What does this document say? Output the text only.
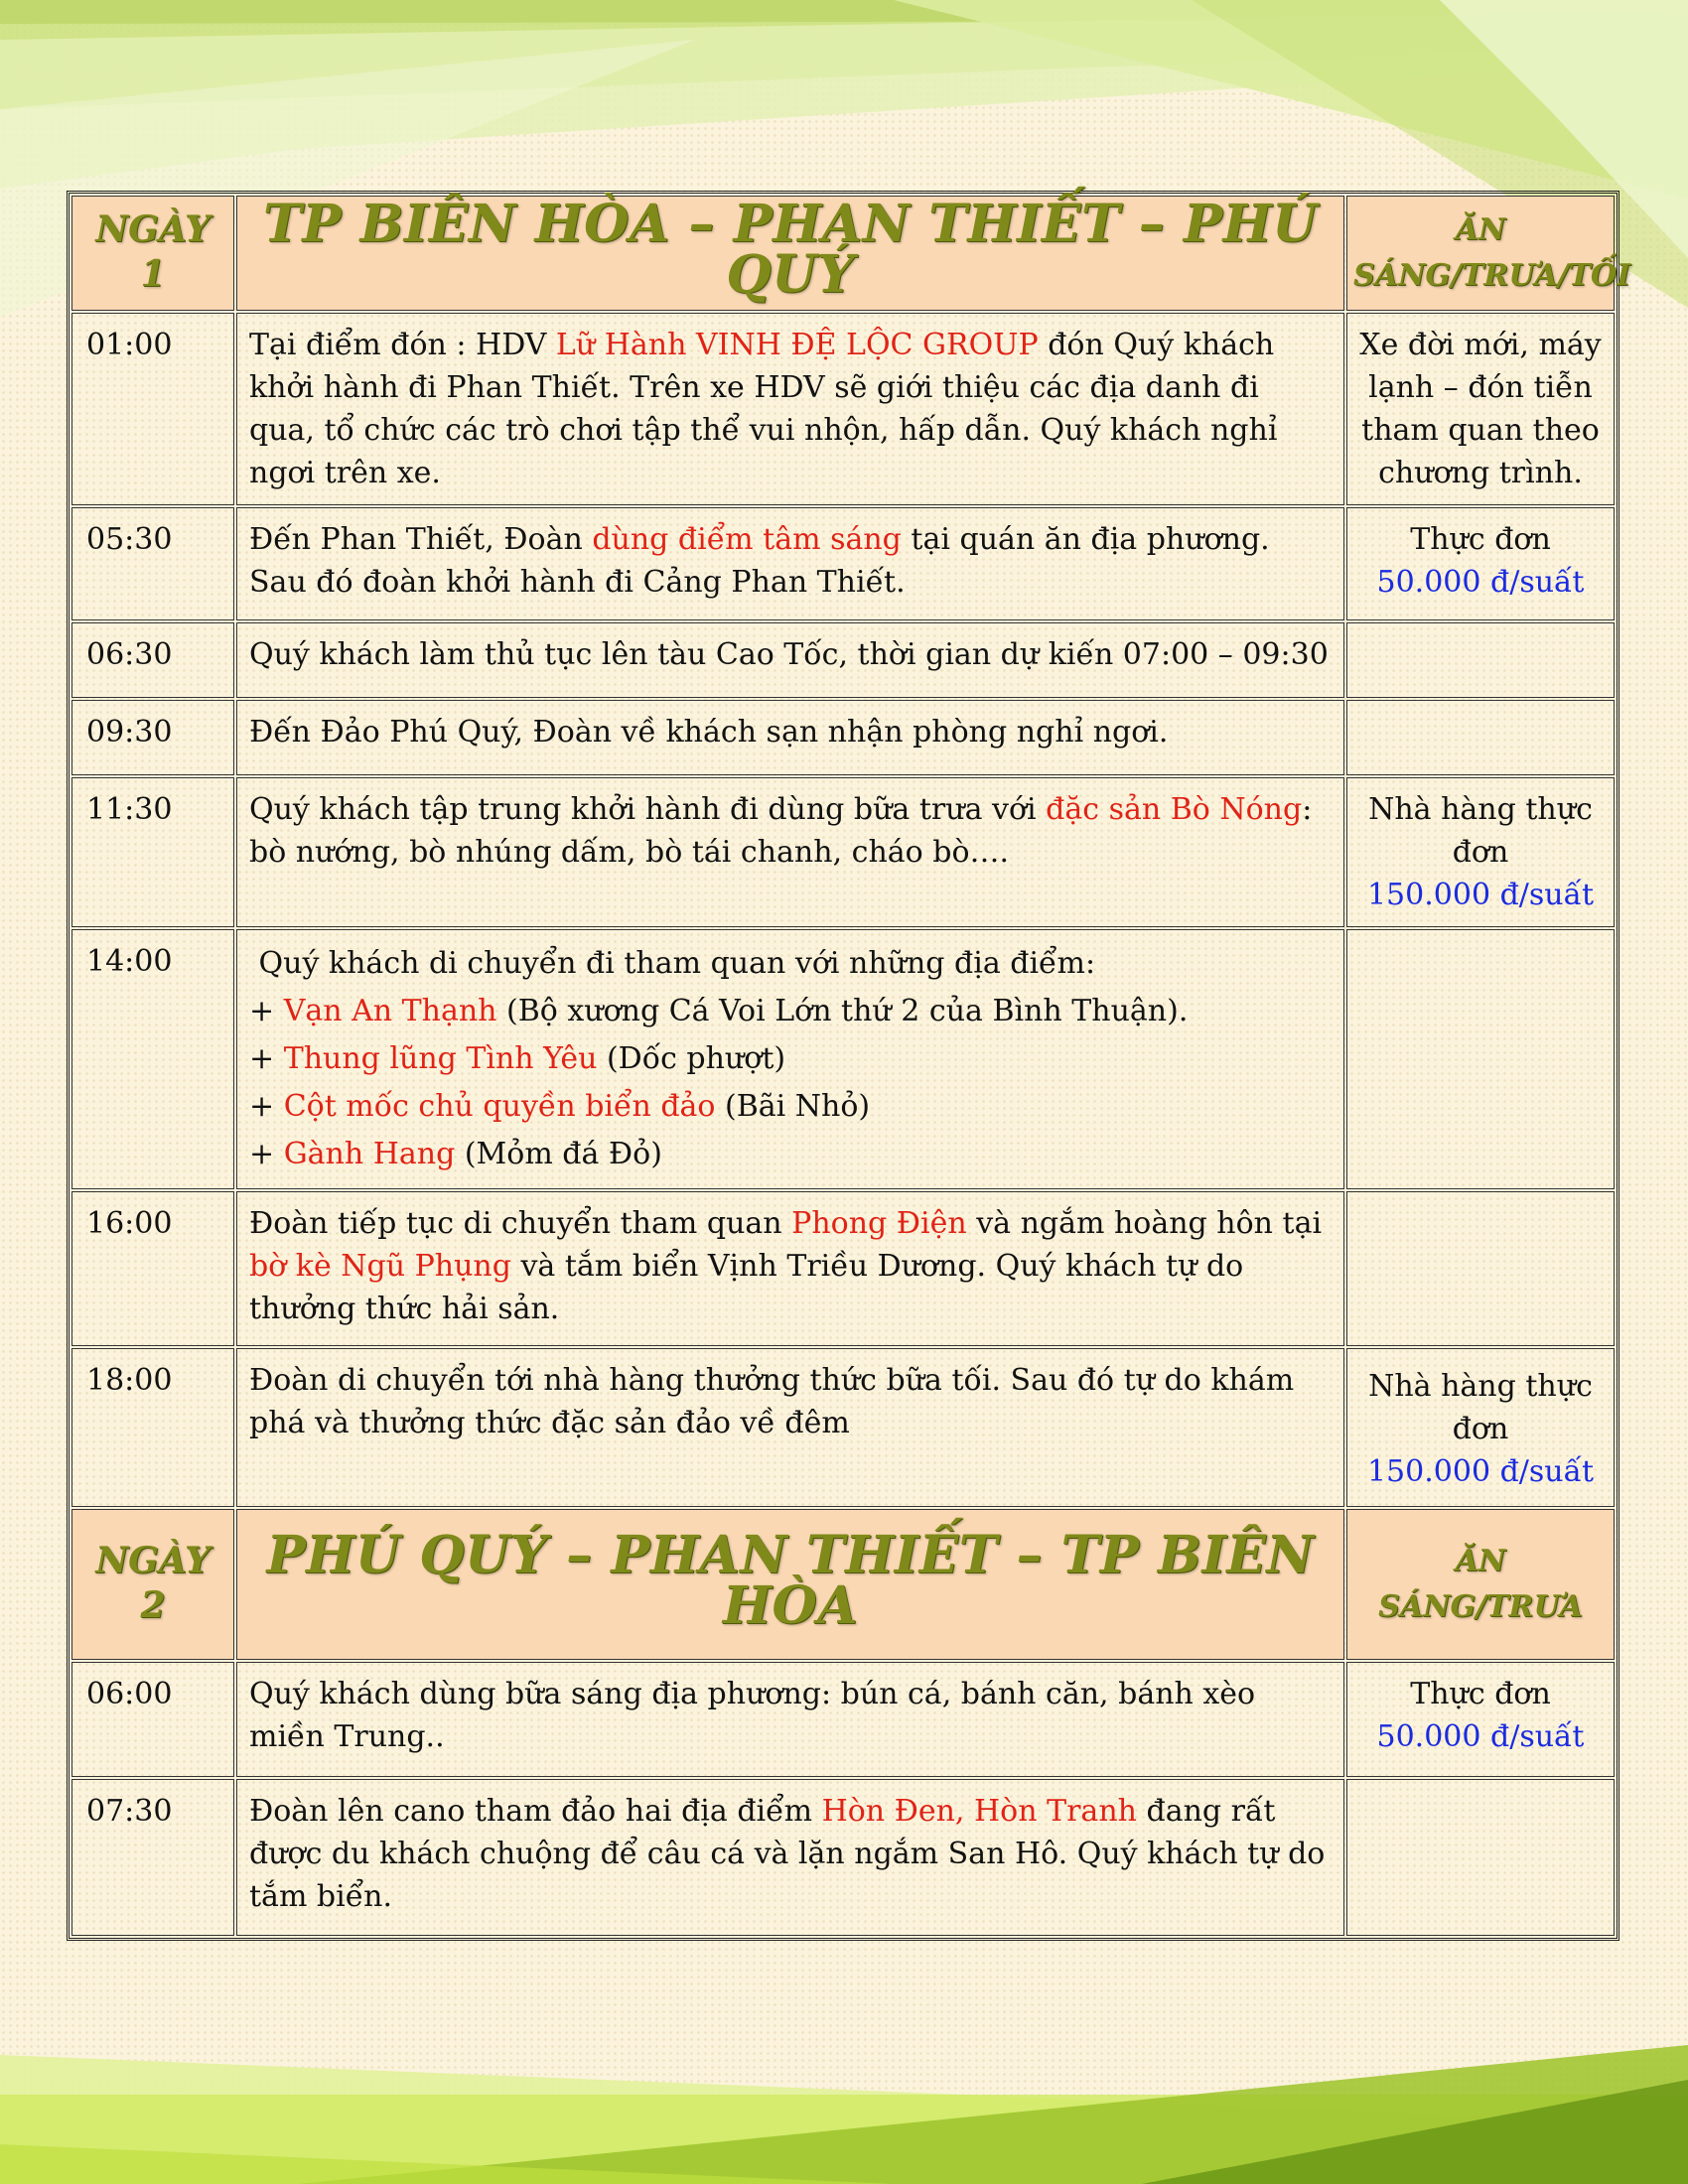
NGÀY 1	TP BIÊN HÒA – PHAN THIẾT – PHÚ QUÝ	ĂN
SÁNG/TRƯA/TỐI

01:00	Tại điểm đón : HDV Lữ Hành VINH ĐỆ LỘC GROUP đón Quý khách khởi hành đi Phan Thiết. Trên xe HDV sẽ giới thiệu các địa danh đi qua, tổ chức các trò chơi tập thể vui nhộn, hấp dẫn. Quý khách nghỉ ngơi trên xe.	Xe đời mới, máy lạnh – đón tiễn tham quan theo chương trình.
05:30	Đến Phan Thiết, Đoàn dùng điểm tâm sáng tại quán ăn địa phương. Sau đó đoàn khởi hành đi Cảng Phan Thiết.	Thực đơn
50.000 đ/suất

06:30	Quý khách làm thủ tục lên tàu Cao Tốc, thời gian dự kiến 07:00 – 09:30	
09:30	Đến Đảo Phú Quý, Đoàn về khách sạn nhận phòng nghỉ ngơi.	
11:30	Quý khách tập trung khởi hành đi dùng bữa trưa với đặc sản Bò Nóng: bò nướng, bò nhúng dấm, bò tái chanh, cháo bò….	Nhà hàng thực đơn
150.000 đ/suất

14:00	Quý khách di chuyển đi tham quan với những địa điểm:
+ Vạn An Thạnh (Bộ xương Cá Voi Lớn thứ 2 của Bình Thuận).
+ Thung lũng Tình Yêu (Dốc phượt)
+ Cột mốc chủ quyền biển đảo (Bãi Nhỏ)
+ Gành Hang (Mỏm đá Đỏ)	

16:00	Đoàn tiếp tục di chuyển tham quan Phong Điện và ngắm hoàng hôn tại bờ kè Ngũ Phụng và tắm biển Vịnh Triều Dương. Quý khách tự do thưởng thức hải sản.	
18:00	Đoàn di chuyển tới nhà hàng thưởng thức bữa tối. Sau đó tự do khám phá và thưởng thức đặc sản đảo về đêm	Nhà hàng thực đơn
150.000 đ/suất

NGÀY 2	PHÚ QUÝ – PHAN THIẾT – TP BIÊN HÒA	ĂN
SÁNG/TRƯA

06:00	Quý khách dùng bữa sáng địa phương: bún cá, bánh căn, bánh xèo miền Trung..	Thực đơn
50.000 đ/suất

07:30	Đoàn lên cano tham đảo hai địa điểm Hòn Đen, Hòn Tranh đang rất được du khách chuộng để câu cá và lặn ngắm San Hô. Quý khách tự do tắm biển.	
